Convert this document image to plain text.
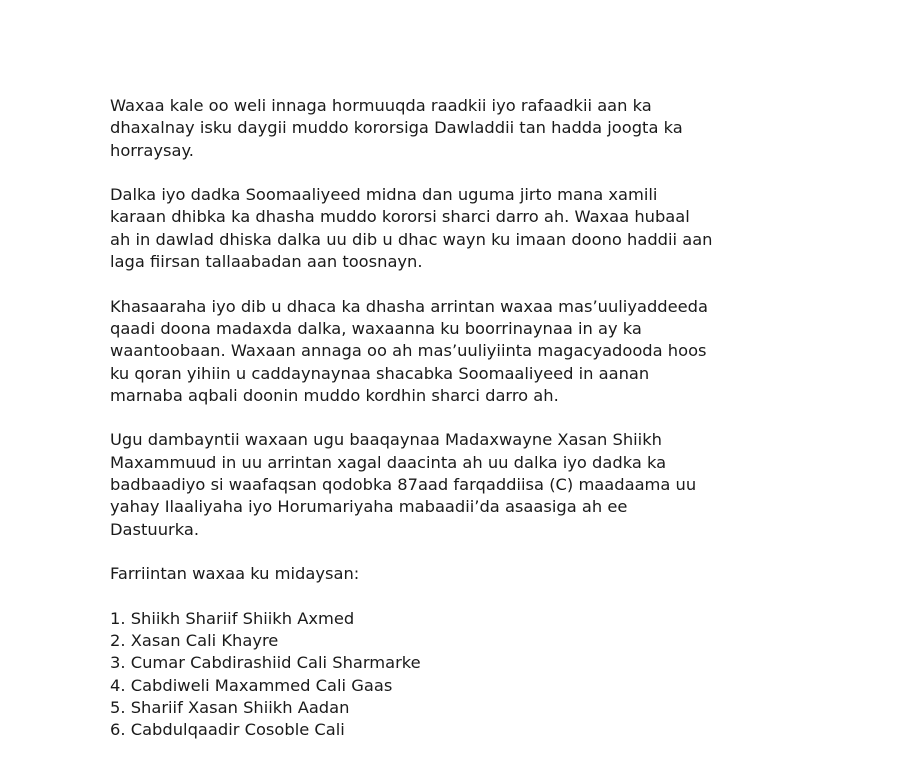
Waxaa kale oo weli innaga hormuuqda raadkii iyo rafaadkii aan ka
dhaxalnay isku daygii muddo kororsiga Dawladdii tan hadda joogta ka
horraysay.

Dalka iyo dadka Soomaaliyeed midna dan uguma jirto mana xamili
karaan dhibka ka dhasha muddo kororsi sharci darro ah. Waxaa hubaal
ah in dawlad dhiska dalka uu dib u dhac wayn ku imaan doono haddii aan
laga fiirsan tallaabadan aan toosnayn.

Khasaaraha iyo dib u dhaca ka dhasha arrintan waxaa mas’uuliyaddeeda
qaadi doona madaxda dalka, waxaanna ku boorrinaynaa in ay ka
waantoobaan. Waxaan annaga oo ah mas’uuliyiinta magacyadooda hoos
ku qoran yihiin u caddaynaynaa shacabka Soomaaliyeed in aanan
marnaba aqbali doonin muddo kordhin sharci darro ah.

Ugu dambayntii waxaan ugu baaqaynaa Madaxwayne Xasan Shiikh
Maxammuud in uu arrintan xagal daacinta ah uu dalka iyo dadka ka
badbaadiyo si waafaqsan qodobka 87aad farqaddiisa (C) maadaama uu
yahay Ilaaliyaha iyo Horumariyaha mabaadii’da asaasiga ah ee
Dastuurka.

Farriintan waxaa ku midaysan:

1. Shiikh Shariif Shiikh Axmed
2. Xasan Cali Khayre
3. Cumar Cabdirashiid Cali Sharmarke
4. Cabdiweli Maxammed Cali Gaas
5. Shariif Xasan Shiikh Aadan
6. Cabdulqaadir Cosoble Cali
